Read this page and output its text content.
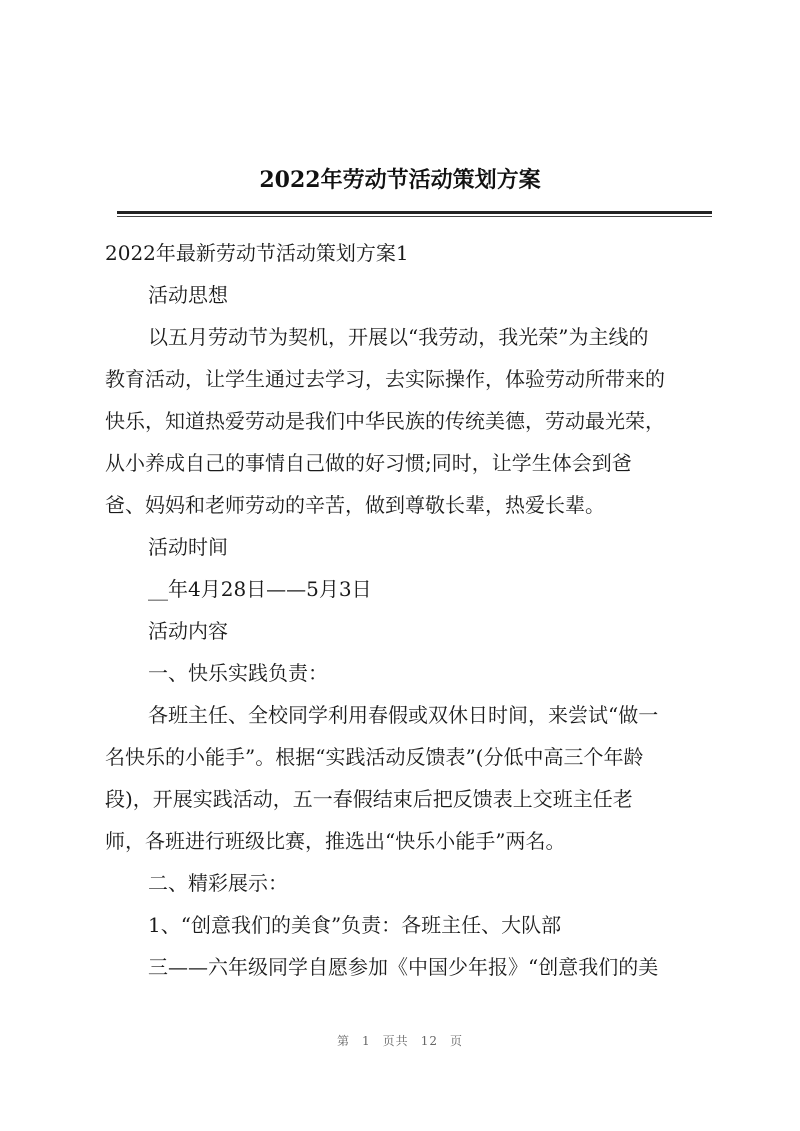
2022年劳动节活动策划方案
2022年最新劳动节活动策划方案1
活动思想
以五月劳动节为契机，开展以“我劳动，我光荣”为主线的
教育活动，让学生通过去学习，去实际操作，体验劳动所带来的
快乐，知道热爱劳动是我们中华民族的传统美德，劳动最光荣，
从小养成自己的事情自己做的好习惯;同时，让学生体会到爸
爸、妈妈和老师劳动的辛苦，做到尊敬长辈，热爱长辈。
活动时间
__年4月28日——5月3日
活动内容
一、快乐实践负责：
各班主任、全校同学利用春假或双休日时间，来尝试“做一
名快乐的小能手”。根据“实践活动反馈表”(分低中高三个年龄
段)，开展实践活动，五一春假结束后把反馈表上交班主任老
师，各班进行班级比赛，推选出“快乐小能手”两名。
二、精彩展示：
1、“创意我们的美食”负责：各班主任、大队部
三——六年级同学自愿参加《中国少年报》“创意我们的美
第 1 页共 12 页
